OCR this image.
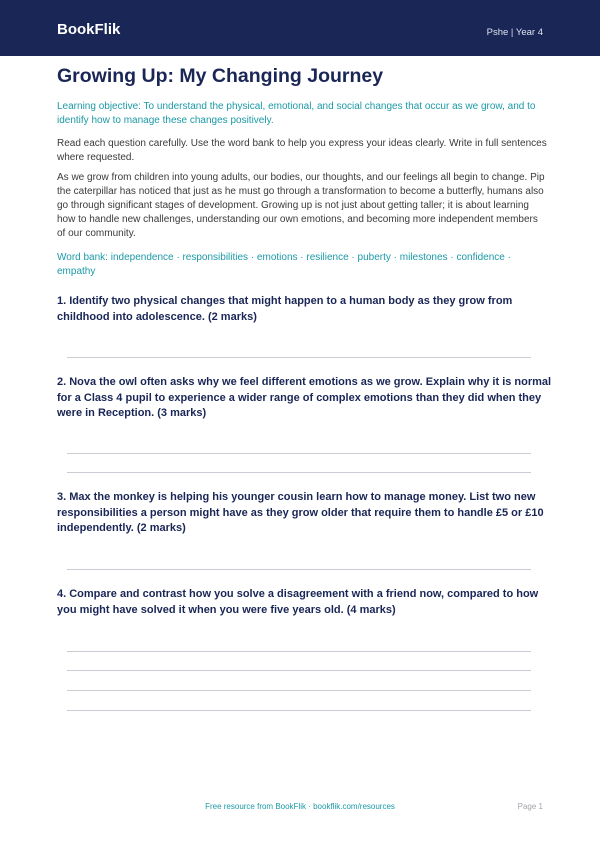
BookFlik	Pshe | Year 4
Growing Up: My Changing Journey

Learning objective: To understand the physical, emotional, and social changes that occur as we grow, and to identify how to manage these changes positively.

Read each question carefully. Use the word bank to help you express your ideas clearly. Write in full sentences where requested.

As we grow from children into young adults, our bodies, our thoughts, and our feelings all begin to change. Pip the caterpillar has noticed that just as he must go through a transformation to become a butterfly, humans also go through significant stages of development. Growing up is not just about getting taller; it is about learning how to handle new challenges, understanding our own emotions, and becoming more independent members of our community.

Word bank: independence · responsibilities · emotions · resilience · puberty · milestones · confidence · empathy

1. Identify two physical changes that might happen to a human body as they grow from childhood into adolescence. (2 marks)

2. Nova the owl often asks why we feel different emotions as we grow. Explain why it is normal for a Class 4 pupil to experience a wider range of complex emotions than they did when they were in Reception. (3 marks)

3. Max the monkey is helping his younger cousin learn how to manage money. List two new responsibilities a person might have as they grow older that require them to handle £5 or £10 independently. (2 marks)

4. Compare and contrast how you solve a disagreement with a friend now, compared to how you might have solved it when you were five years old. (4 marks)

Free resource from BookFlik · bookflik.com/resources	Page 1
